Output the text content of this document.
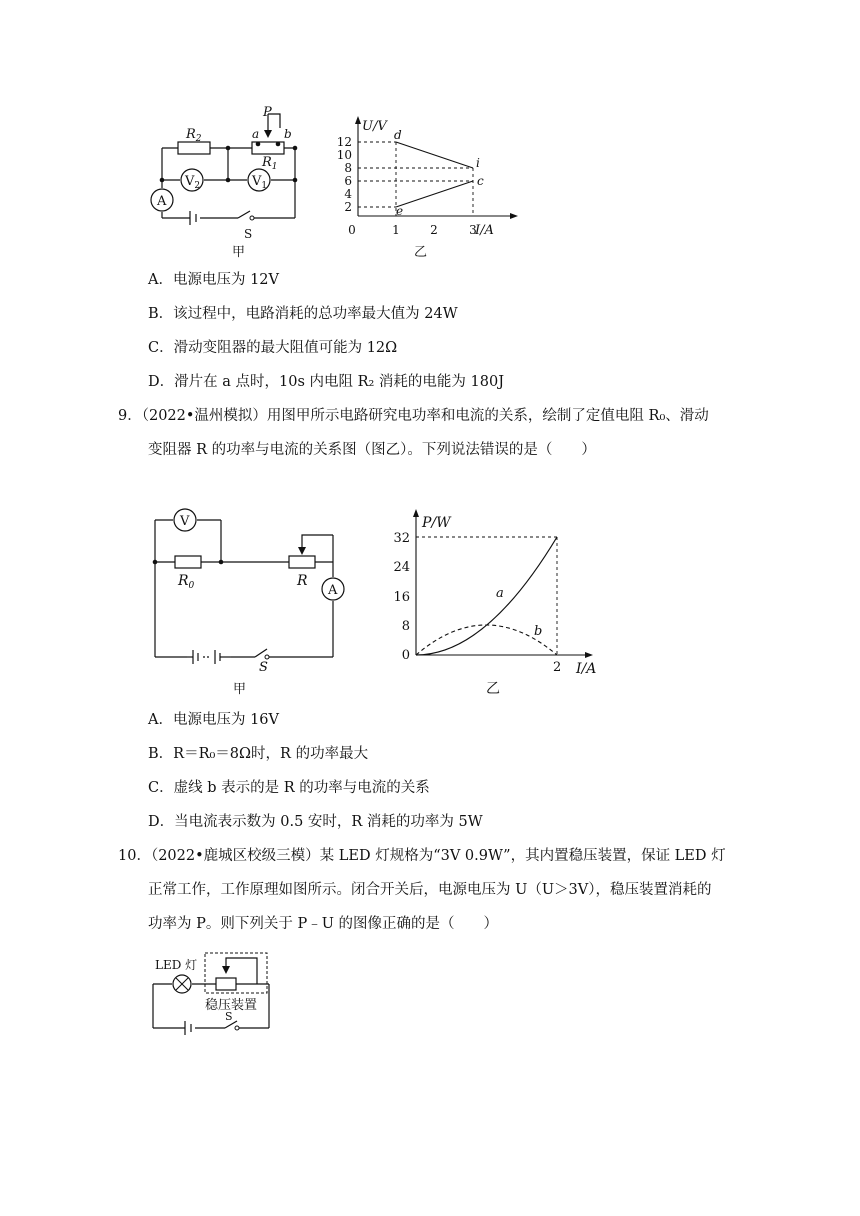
A
$V_2$	$V_1$
$R_2$
$R_1$
P
a b
S
甲
U/V
I/A
12
10
8
6
4
2
0	1	2	3
d
i
c
e
乙
A．电源电压为 12V
B．该过程中，电路消耗的总功率最大值为 24W
C．滑动变阻器的最大阻值可能为 12Ω
D．滑片在 a 点时，10s 内电阻 R₂ 消耗的电能为 180J
9．（2022•温州模拟）用图甲所示电路研究电功率和电流的关系，绘制了定值电阻 R₀、滑动
变阻器 R 的功率与电流的关系图（图乙）。下列说法错误的是（　　）
V
A
$R_0$	R
S
甲
P/W
I/A
32
24
16
8
0
2
a
b
乙
A．电源电压为 16V
B．R＝R₀＝8Ω时，R 的功率最大
C．虚线 b 表示的是 R 的功率与电流的关系
D．当电流表示数为 0.5 安时，R 消耗的功率为 5W
10．（2022•鹿城区校级三模）某 LED 灯规格为“3V 0.9W”，其内置稳压装置，保证 LED 灯
正常工作，工作原理如图所示。闭合开关后，电源电压为 U（U＞3V），稳压装置消耗的
功率为 P。则下列关于 P﹣U 的图像正确的是（　　）
LED 灯
稳压装置
S
